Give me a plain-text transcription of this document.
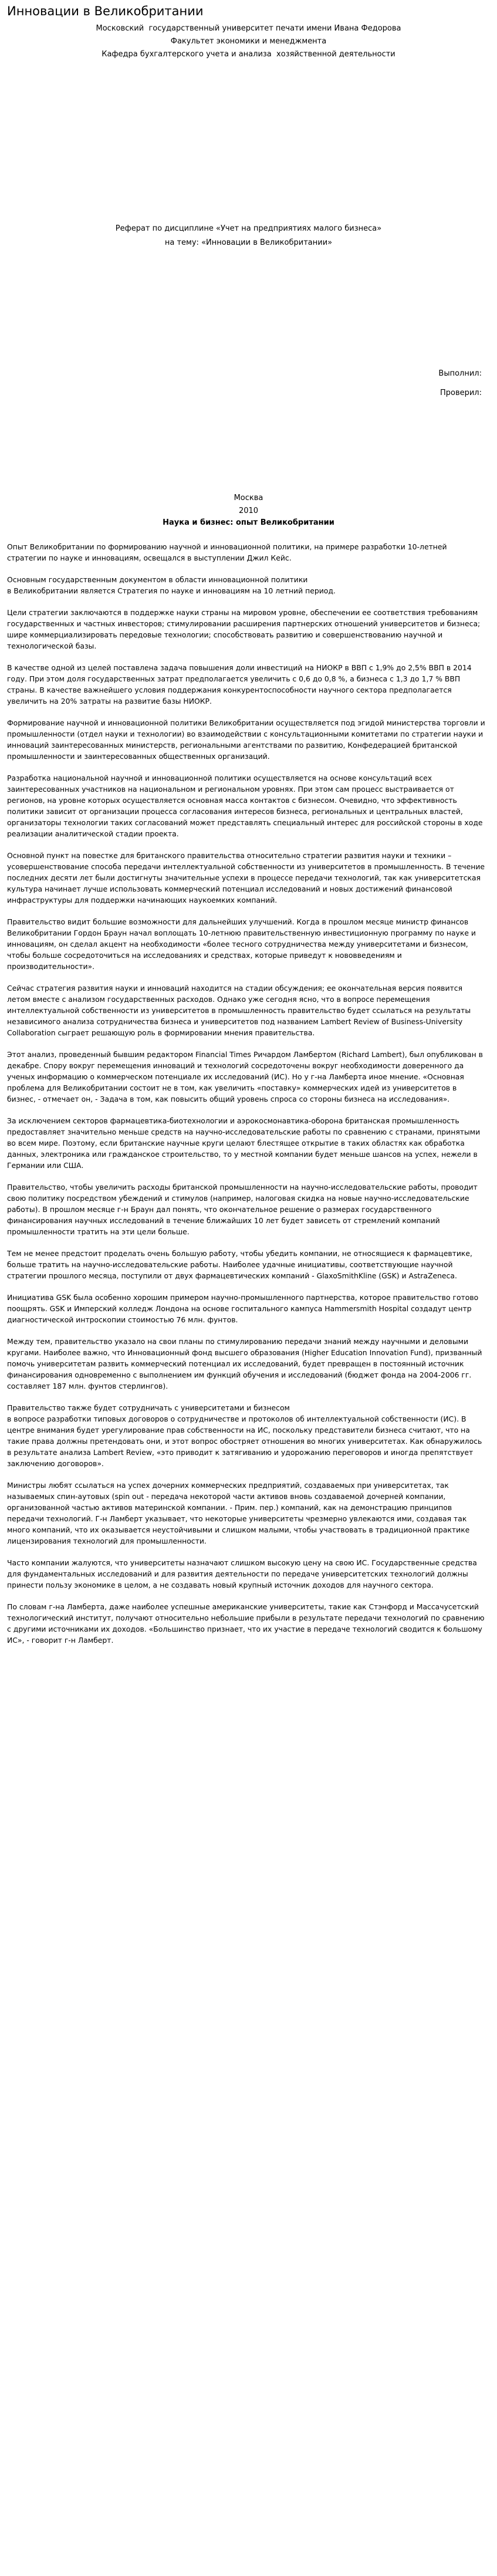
Инновации в Великобритании
Московский  государственный университет печати имени Ивана Федорова
Факультет экономики и менеджмента
Кафедра бухгалтерского учета и анализа  хозяйственной деятельности
Реферат по дисциплине «Учет на предприятиях малого бизнеса»
на тему: «Инновации в Великобритании»
Выполнил:
Проверил:
Москва
2010
Наука и бизнес: опыт Великобритании

Опыт Великобритании по формированию научной и инновационной политики, на примере разработки 10-летней стратегии по науке и инновациям, освещался в выступлении Джил Кейс.

Основным государственным документом в области инновационной политики
в Великобритании является Стратегия по науке и инновациям на 10 летний период.

Цели стратегии заключаются в поддержке науки страны на мировом уровне, обеспечении ее соответствия требованиям государственных и частных инвесторов; стимулировании расширения партнерских отношений университетов и бизнеса; шире коммерциализировать передовые технологии; способствовать развитию и совершенствованию научной и технологической базы.

В качестве одной из целей поставлена задача повышения доли инвестиций на НИОКР в ВВП с 1,9% до 2,5% ВВП в 2014 году. При этом доля государственных затрат предполагается увеличить с 0,6 до 0,8 %, а бизнеса с 1,3 до 1,7 % ВВП страны. В качестве важнейшего условия поддержания конкурентоспособности научного сектора предполагается увеличить на 20% затраты на развитие базы НИОКР.

Формирование научной и инновационной политики Великобритании осуществляется под эгидой министерства торговли и промышленности (отдел науки и технологии) во взаимодействии с консультационными комитетами по стратегии науки и инноваций заинтересованных министерств, региональными агентствами по развитию, Конфедерацией британской промышленности и заинтересованных общественных организаций.

Разработка национальной научной и инновационной политики осуществляется на основе консультаций всех заинтересованных участников на национальном и региональном уровнях. При этом сам процесс выстраивается от регионов, на уровне которых осуществляется основная масса контактов с бизнесом. Очевидно, что эффективность политики зависит от организации процесса согласования интересов бизнеса, региональных и центральных властей, организаторы технологии таких согласований может представлять специальный интерес для российской стороны в ходе реализации аналитической стадии проекта.

Основной пункт на повестке для британского правительства относительно стратегии развития науки и техники – усовершенствование способа передачи интеллектуальной собственности из университетов в промышленность. В течение последних десяти лет были достигнуты значительные успехи в процессе передачи технологий, так как университетская культура начинает лучше использовать коммерческий потенциал исследований и новых достижений финансовой инфраструктуры для поддержки начинающих наукоемких компаний.

Правительство видит большие возможности для дальнейших улучшений. Когда в прошлом месяце министр финансов Великобритании Гордон Браун начал воплощать 10-летнюю правительственную инвестиционную программу по науке и инновациям, он сделал акцент на необходимости «более тесного сотрудничества между университетами и бизнесом, чтобы больше сосредоточиться на исследованиях и средствах, которые приведут к нововведениям и производительности».

Сейчас стратегия развития науки и инноваций находится на стадии обсуждения; ее окончательная версия появится летом вместе с анализом государственных расходов. Однако уже сегодня ясно, что в вопросе перемещения интеллектуальной собственности из университетов в промышленность правительство будет ссылаться на результаты независимого анализа сотрудничества бизнеса и университетов под названием Lambert Review of Business-University Collaboration сыграет решающую роль в формировании мнения правительства.

Этот анализ, проведенный бывшим редактором Financial Times Ричардом Ламбертом (Richard Lambert), был опубликован в декабре. Спорy вокруг перемещения инноваций и технологий сосредоточены вокруг необходимости доверенного да ученых информацию о коммерческом потенциале их исследований (ИС). Но у г-на Ламберта иное мнение. «Основная проблема для Великобритании состоит не в том, как увеличить «поставку» коммерческих идей из университетов в бизнес, - отмечает он, - Задача в том, как повысить общий уровень спроса со стороны бизнеса на исследования».

За исключением секторов фармацевтика-биотехнологии и аэрокосмонавтика-оборона британская промышленность предоставляет значительно меньше средств на научно-исследовательские работы по сравнению с странами, принятыми во всем мире. Поэтому, если британские научные круги целают блестящее открытие в таких областях как обработка данных, электроника или гражданское строительство, то у местной компании будет меньше шансов на успех, нежели в Германии или США.

Правительство, чтобы увеличить расходы британской промышленности на научно-исследовательские работы, проводит свою политику посредством убеждений и стимулов (например, налоговая скидка на новые научно-исследовательские работы). В прошлом месяце г-н Браун дал понять, что окончательное решение о размерах государственного финансирования научных исследований в течение ближайших 10 лет будет зависеть от стремлений компаний промышленности тратить на эти цели больше.

Тем не менее предстоит проделать очень большую работу, чтобы убедить компании, не относящиеся к фармацевтике, больше тратить на научно-исследовательские работы. Наиболее удачные инициативы, соответствующие научной стратегии прошлого месяца, поступили от двух фармацевтических компаний - GlaxoSmithKline (GSK) и AstraZeneca.

Инициатива GSK была особенно хорошим примером научно-промышленного партнерства, которое правительство готово поощрять. GSK и Имперский колледж Лондона на основе госпитального кампуса Hammersmith Hospital создадут центр диагностической интроскопии стоимостью 76 млн. фунтов.

Между тем, правительство указало на свои планы по стимулированию передачи знаний между научными и деловыми кругами. Наиболее важно, что Инновационный фонд высшего образования (Higher Education Innovation Fund), призванный помочь университетам развить коммерческий потенциал их исследований, будет превращен в постоянный источник финансирования одновременно с выполнением им функций обучения и исследований (бюджет фонда на 2004-2006 гг. составляет 187 млн. фунтов стерлингов).

Правительство также будет сотрудничать с университетами и бизнесом
в вопросе разработки типовых договоров о сотрудничестве и протоколов об интеллектуальной собственности (ИС). В центре внимания будет урегулирование прав собственности на ИС, поскольку представители бизнеса считают, что на такие права должны претендовать они, и этот вопрос обостряет отношения во многих университетах. Как обнаружилось в результате анализа Lambert Review, «это приводит к затягиванию и удорожанию переговоров и иногда препятствует заключению договоров».

Министры любят ссылаться на успех дочерних коммерческих предприятий, создаваемых при университетах, так называемых спин-аутовых (spin out - передача некоторой части активов вновь создаваемой дочерней компании, организованной частью активов материнской компании. - Прим. пер.) компаний, как на демонстрацию принципов передачи технологий. Г-н Ламберт указывает, что некоторые университеты чрезмерно увлекаются ими, создавая так много компаний, что их оказывается неустойчивыми и слишком малыми, чтобы участвовать в традиционной практике лицензирования технологий для промышленности.

Часто компании жалуются, что университеты назначают слишком высокую цену на свою ИС. Государственные средства для фундаментальных исследований и для развития деятельности по передаче университетских технологий должны принести пользу экономике в целом, а не создавать новый крупный источник доходов для научного сектора.

По словам г-на Ламберта, даже наиболее успешные американские университеты, такие как Стэнфорд и Массачусетский технологический институт, получают относительно небольшие прибыли в результате передачи технологий по сравнению с другими источниками их доходов. «Большинство признает, что их участие в передаче технологий сводится к большому ИС», - говорит г-н Ламберт.
